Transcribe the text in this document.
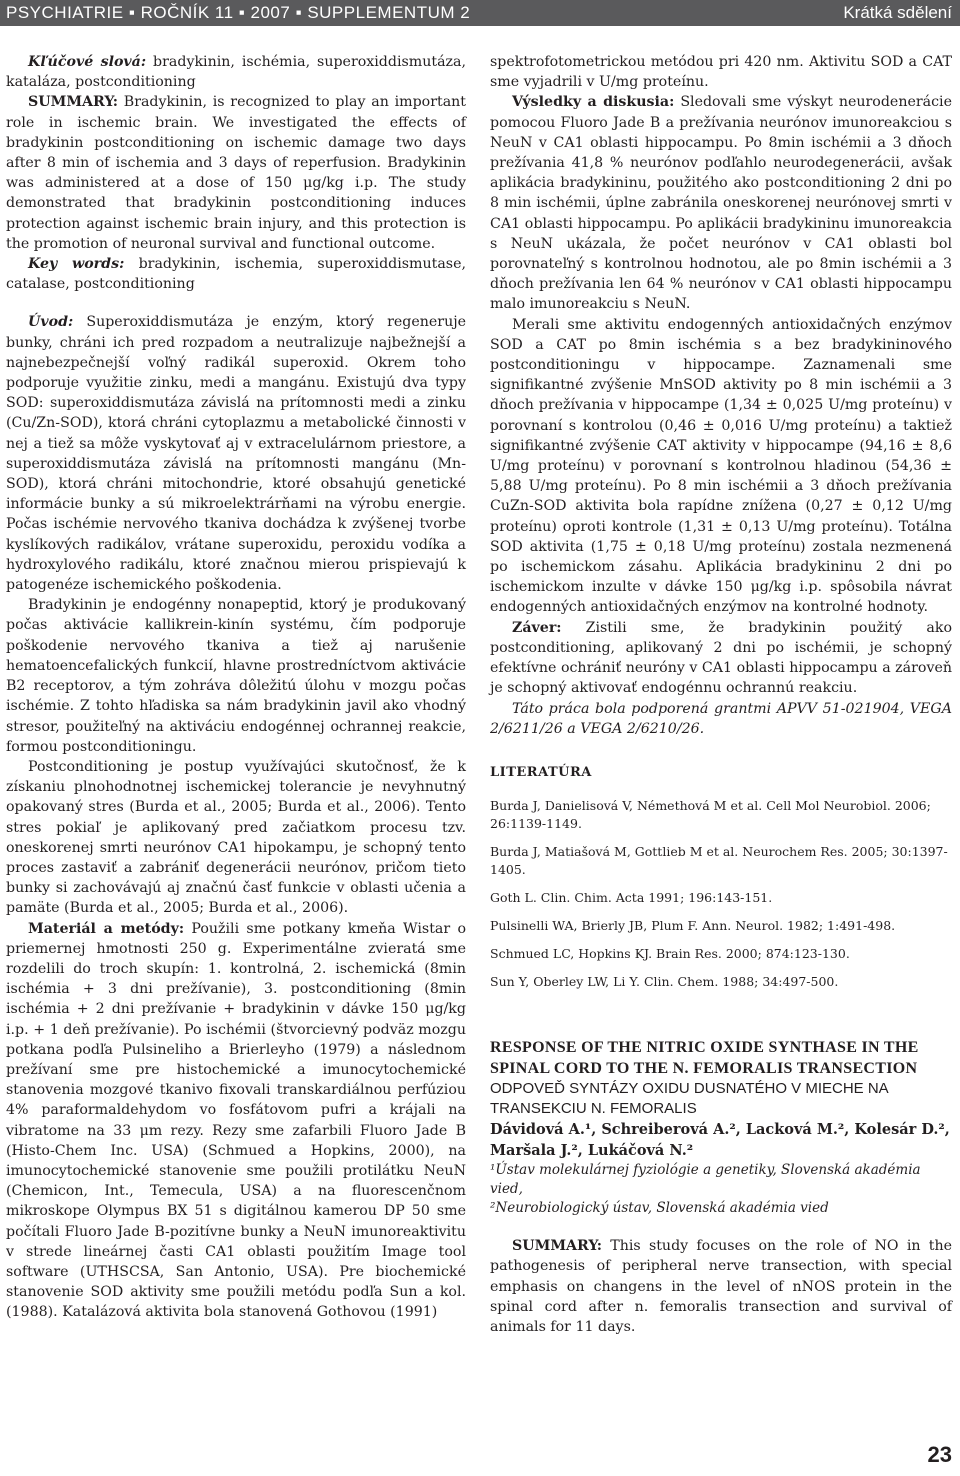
PSYCHIATRIE ▪ ROČNÍK 11 ▪ 2007 ▪ SUPPLEMENTUM 2	Krátká sdělení

Kľúčové slová: bradykinin, ischémia, superoxiddismutáza, kataláza, postconditioning

SUMMARY: Bradykinin, is recognized to play an important role in ischemic brain. We investigated the effects of bradykinin postconditioning on ischemic damage two days after 8 min of ischemia and 3 days of reperfusion. Bradykinin was administered at a dose of 150 μg/kg i.p. The study demonstrated that bradykinin postconditioning induces protection against ischemic brain injury, and this protection is the promotion of neuronal survival and functional outcome.

Key words: bradykinin, ischemia, superoxiddismutase, catalase, postconditioning

Úvod: Superoxiddismutáza je enzým, ktorý regeneruje bunky, chráni ich pred rozpadom a neutralizuje najbežnejší a najnebezpečnejší voľný radikál superoxid. Okrem toho podporuje využitie zinku, medi a mangánu. Existujú dva typy SOD: superoxiddismutáza závislá na prítomnosti medi a zinku (Cu/Zn-SOD), ktorá chráni cytoplazmu a metabolické činnosti v nej a tiež sa môže vyskytovať aj v extracelulárnom priestore, a superoxiddismutáza závislá na prítomnosti mangánu (Mn-SOD), ktorá chráni mitochondrie, ktoré obsahujú genetické informácie bunky a sú mikroelektrárňami na výrobu energie. Počas ischémie nervového tkaniva dochádza k zvýšenej tvorbe kyslíkových radikálov, vrátane superoxidu, peroxidu vodíka a hydroxylového radikálu, ktoré značnou mierou prispievajú k patogenéze ischemického poškodenia.

Bradykinin je endogénny nonapeptid, ktorý je produkovaný počas aktivácie kallikrein-kinín systému, čím podporuje poškodenie nervového tkaniva a tiež aj narušenie hematoencefalických funkcií, hlavne prostredníctvom aktivácie B2 receptorov, a tým zohráva dôležitú úlohu v mozgu počas ischémie. Z tohto hľadiska sa nám bradykinin javil ako vhodný stresor, použiteľný na aktiváciu endogénnej ochrannej reakcie, formou postconditioningu.

Postconditioning je postup využívajúci skutočnosť, že k získaniu plnohodnotnej ischemickej tolerancie je nevyhnutný opakovaný stres (Burda et al., 2005; Burda et al., 2006). Tento stres pokiaľ je aplikovaný pred začiatkom procesu tzv. oneskorenej smrti neurónov CA1 hipokampu, je schopný tento proces zastaviť a zabrániť degenerácii neurónov, pričom tieto bunky si zachovávajú aj značnú časť funkcie v oblasti učenia a pamäte (Burda et al., 2005; Burda et al., 2006).

Materiál a metódy: Použili sme potkany kmeňa Wistar o priemernej hmotnosti 250 g. Experimentálne zvieratá sme rozdelili do troch skupín: 1. kontrolná, 2. ischemická (8min ischémia + 3 dni prežívanie), 3. postconditioning (8min ischémia + 2 dni prežívanie + bradykinin v dávke 150 μg/kg i.p. + 1 deň prežívanie). Po ischémii (štvorcievný podväz mozgu potkana podľa Pulsineliho a Brierleyho (1979) a následnom prežívaní sme pre histochemické a imunocytochemické stanovenia mozgové tkanivo fixovali transkardiálnou perfúziou 4% paraformaldehydom vo fosfátovom pufri a krájali na vibratome na 33 μm rezy. Rezy sme zafarbili Fluoro Jade B (Histo-Chem Inc. USA) (Schmued a Hopkins, 2000), na imunocytochemické stanovenie sme použili protilátku NeuN (Chemicon, Int., Temecula, USA) a na fluorescenčnom mikroskope Olympus BX 51 s digitálnou kamerou DP 50 sme počítali Fluoro Jade B-pozitívne bunky a NeuN imunoreaktivitu v strede lineárnej časti CA1 oblasti použitím Image tool software (UTHSCSA, San Antonio, USA). Pre biochemické stanovenie SOD aktivity sme použili metódu podľa Sun a kol. (1988). Katalázová aktivita bola stanovená Gothovou (1991)

spektrofotometrickou metódou pri 420 nm. Aktivitu SOD a CAT sme vyjadrili v U/mg proteínu.

Výsledky a diskusia: Sledovali sme výskyt neurodenerácie pomocou Fluoro Jade B a prežívania neurónov imunoreakciou s NeuN v CA1 oblasti hippocampu. Po 8min ischémii a 3 dňoch prežívania 41,8 % neurónov podľahlo neurodegenerácii, avšak aplikácia bradykininu, použitého ako postconditioning 2 dni po 8 min ischémii, úplne zabránila oneskorenej neurónovej smrti v CA1 oblasti hippocampu. Po aplikácii bradykininu imunoreakcia s NeuN ukázala, že počet neurónov v CA1 oblasti bol porovnateľný s kontrolnou hodnotou, ale po 8min ischémii a 3 dňoch prežívania len 64 % neurónov v CA1 oblasti hippocampu malo imunoreakciu s NeuN.

Merali sme aktivitu endogenných antioxidačných enzýmov SOD a CAT po 8min ischémia s a bez bradykininového postconditioningu v hippocampe. Zaznamenali sme signifikantné zvýšenie MnSOD aktivity po 8 min ischémii a 3 dňoch prežívania v hippocampe (1,34 ± 0,025 U/mg proteínu) v porovnaní s kontrolou (0,46 ± 0,016 U/mg proteínu) a taktiež signifikantné zvýšenie CAT aktivity v hippocampe (94,16 ± 8,6 U/mg proteínu) v porovnaní s kontrolnou hladinou (54,36 ± 5,88 U/mg proteínu). Po 8 min ischémii a 3 dňoch prežívania CuZn-SOD aktivita bola rapídne znížena (0,27 ± 0,12 U/mg proteínu) oproti kontrole (1,31 ± 0,13 U/mg proteínu). Totálna SOD aktivita (1,75 ± 0,18 U/mg proteínu) zostala nezmenená po ischemickom zásahu. Aplikácia bradykininu 2 dni po ischemickom inzulte v dávke 150 μg/kg i.p. spôsobila návrat endogenných antioxidačných enzýmov na kontrolné hodnoty.

Záver: Zistili sme, že bradykinin použitý ako postconditioning, aplikovaný 2 dni po ischémii, je schopný efektívne ochrániť neuróny v CA1 oblasti hippocampu a zároveň je schopný aktivovať endogénnu ochrannú reakciu.

Táto práca bola podporená grantmi APVV 51-021904, VEGA 2/6211/26 a VEGA 2/6210/26.

LITERATÚRA

Burda J, Danielisová V, Némethová M et al. Cell Mol Neurobiol. 2006; 26:1139-1149.

Burda J, Matiašová M, Gottlieb M et al. Neurochem Res. 2005; 30:1397-1405.

Goth L. Clin. Chim. Acta 1991; 196:143-151.

Pulsinelli WA, Brierly JB, Plum F. Ann. Neurol. 1982; 1:491-498.

Schmued LC, Hopkins KJ. Brain Res. 2000; 874:123-130.

Sun Y, Oberley LW, Li Y. Clin. Chem. 1988; 34:497-500.

RESPONSE OF THE NITRIC OXIDE SYNTHASE IN THE SPINAL CORD TO THE N. FEMORALIS TRANSECTION
ODPOVEĎ SYNTÁZY OXIDU DUSNATÉHO V MIECHE NA TRANSEKCIU N. FEMORALIS
Dávidová A.¹, Schreiberová A.², Lacková M.², Kolesár D.², Maršala J.², Lukáčová N.²
¹Ústav molekulárnej fyziológie a genetiky, Slovenská akadémia vied,
²Neurobiologický ústav, Slovenská akadémia vied

SUMMARY: This study focuses on the role of NO in the pathogenesis of peripheral nerve transection, with special emphasis on changens in the level of nNOS protein in the spinal cord after n. femoralis transection and survival of animals for 11 days.

23
